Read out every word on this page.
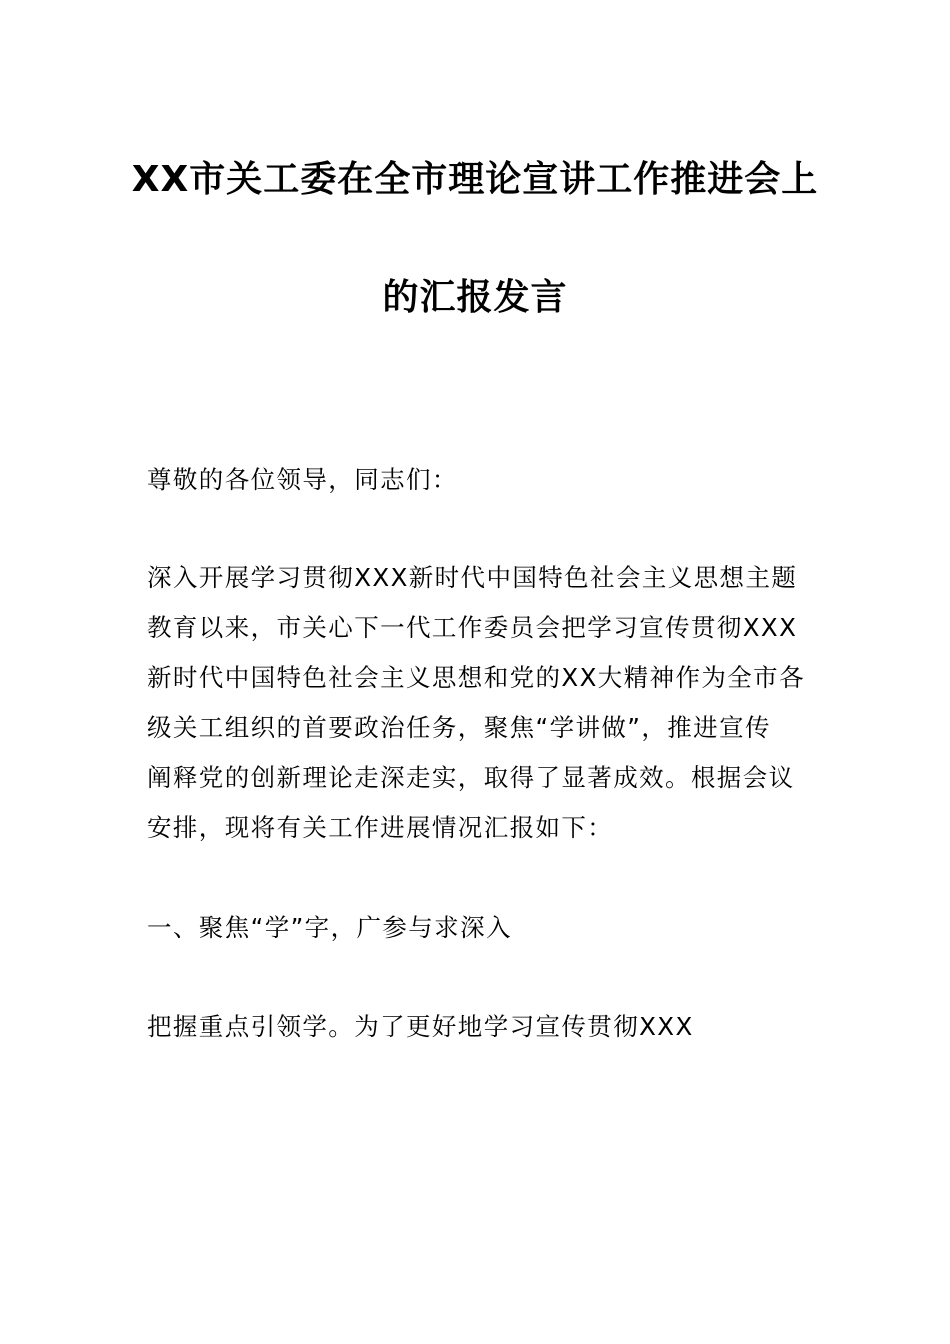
XX市关工委在全市理论宣讲工作推进会上
的汇报发言

尊敬的各位领导，同志们：

深入开展学习贯彻XXX新时代中国特色社会主义思想主题
教育以来，市关心下一代工作委员会把学习宣传贯彻XXX
新时代中国特色社会主义思想和党的XX大精神作为全市各
级关工组织的首要政治任务，聚焦“学讲做”，推进宣传
阐释党的创新理论走深走实，取得了显著成效。根据会议
安排，现将有关工作进展情况汇报如下：

一、聚焦“学”字，广参与求深入

把握重点引领学。为了更好地学习宣传贯彻XXX
